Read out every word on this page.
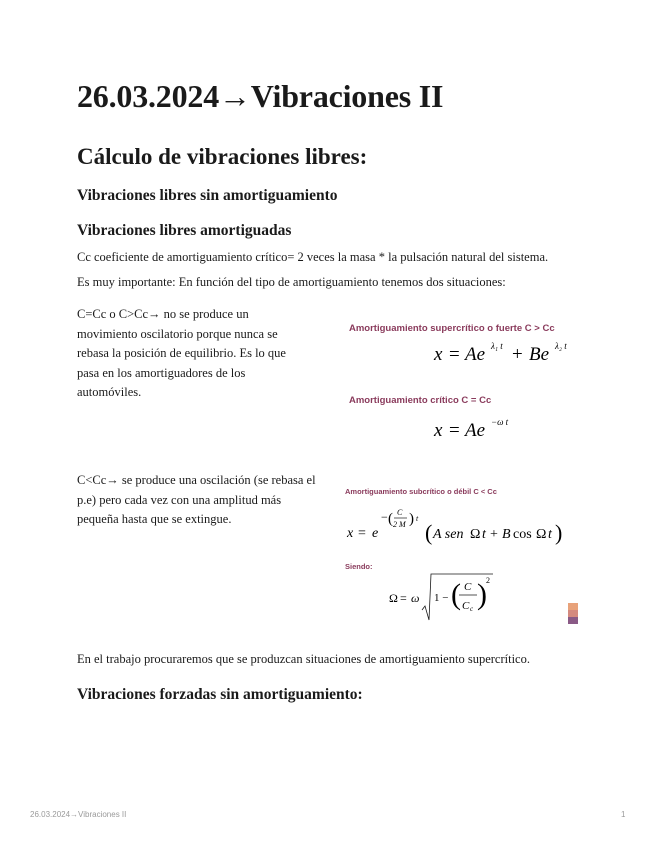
26.03.2024→Vibraciones II
Cálculo de vibraciones libres:
Vibraciones libres sin amortiguamiento
Vibraciones libres amortiguadas

Cc coeficiente de amortiguamiento crítico= 2 veces la masa * la pulsación natural del sistema.

Es muy importante: En función del tipo de amortiguamiento tenemos dos situaciones:

C=Cc o C>Cc→ no se produce un movimiento oscilatorio porque nunca se rebasa la posición de equilibrio. Es lo que pasa en los amortiguadores de los automóviles.

Amortiguamiento supercrítico o fuerte C > Cc
x = Ae λ₁ t + Be λ₂ t
Amortiguamiento crítico C = Cc
x = Ae −ω t

C<Cc→ se produce una oscilación (se rebasa el p.e) pero cada vez con una amplitud más pequeña hasta que se extingue.

Amortiguamiento subcrítico o débil C < Cc
x = e
− ( C
2 M ) t
( A sen Ω t + B cos Ω t )
Siendo:
Ω = ω 1 − ( C
C c ) 2

En el trabajo procuraremos que se produzcan situaciones de amortiguamiento supercrítico.

Vibraciones forzadas sin amortiguamiento:
26.03.2024→Vibraciones II	1
